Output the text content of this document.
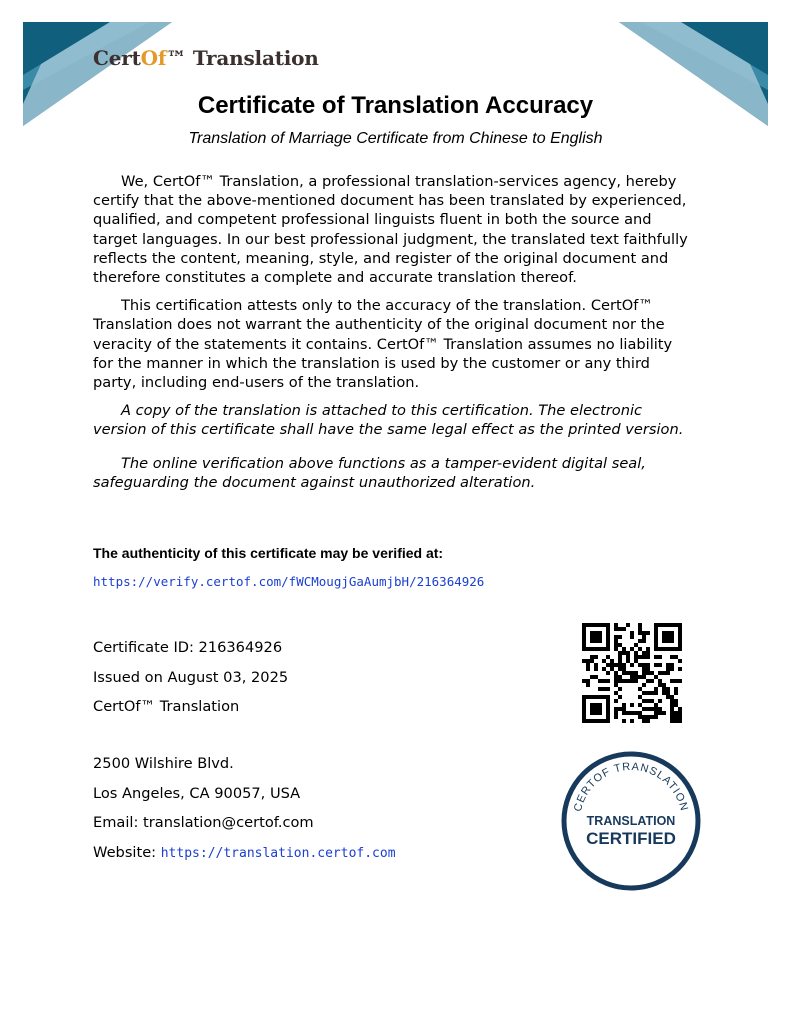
CertOf™ Translation
Certificate of Translation Accuracy
Translation of Marriage Certificate from Chinese to English

We, CertOf™ Translation, a professional translation-services agency, hereby certify that the above-mentioned document has been translated by experienced, qualified, and competent professional linguists fluent in both the source and target languages. In our best professional judgment, the translated text faithfully reflects the content, meaning, style, and register of the original document and therefore constitutes a complete and accurate translation thereof.

This certification attests only to the accuracy of the translation. CertOf™ Translation does not warrant the authenticity of the original document nor the veracity of the statements it contains. CertOf™ Translation assumes no liability for the manner in which the translation is used by the customer or any third party, including end-users of the translation.

A copy of the translation is attached to this certification. The electronic version of this certificate shall have the same legal effect as the printed version.

The online verification above functions as a tamper-evident digital seal, safeguarding the document against unauthorized alteration.

The authenticity of this certificate may be verified at:
https://verify.certof.com/fWCMougjGaAumjbH/216364926
Certificate ID: 216364926
Issued on August 03, 2025
CertOf™ Translation
2500 Wilshire Blvd.
Los Angeles, CA 90057, USA
Email: translation@certof.com
Website: https://translation.certof.com
CERTOF TRANSLATION
TRANSLATION
CERTIFIED
